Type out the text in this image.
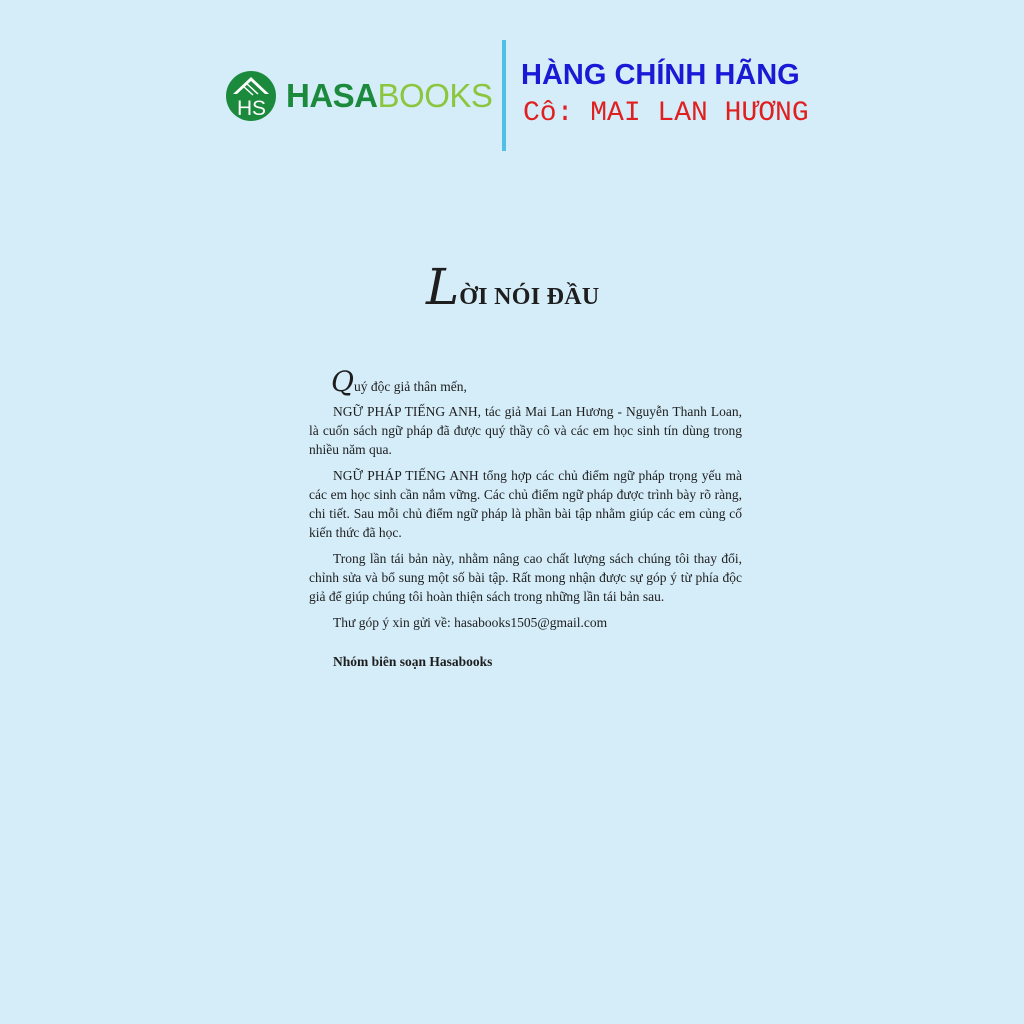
H S HASABOOKS
HÀNG CHÍNH HÃNG
Cô: MAI LAN HƯƠNG
LỜI NÓI ĐẦU

Quý độc giả thân mến,

NGỮ PHÁP TIẾNG ANH, tác giả Mai Lan Hương - Nguyễn Thanh Loan, là cuốn sách ngữ pháp đã được quý thầy cô và các em học sinh tín dùng trong nhiều năm qua.

NGỮ PHÁP TIẾNG ANH tổng hợp các chủ điểm ngữ pháp trọng yếu mà các em học sinh cần nắm vững. Các chủ điểm ngữ pháp được trình bày rõ ràng, chi tiết. Sau mỗi chủ điểm ngữ pháp là phần bài tập nhằm giúp các em củng cố kiến thức đã học.

Trong lần tái bản này, nhằm nâng cao chất lượng sách chúng tôi thay đổi, chỉnh sửa và bổ sung một số bài tập. Rất mong nhận được sự góp ý từ phía độc giả để giúp chúng tôi hoàn thiện sách trong những lần tái bản sau.

Thư góp ý xin gửi về: hasabooks1505@gmail.com

Nhóm biên soạn Hasabooks
